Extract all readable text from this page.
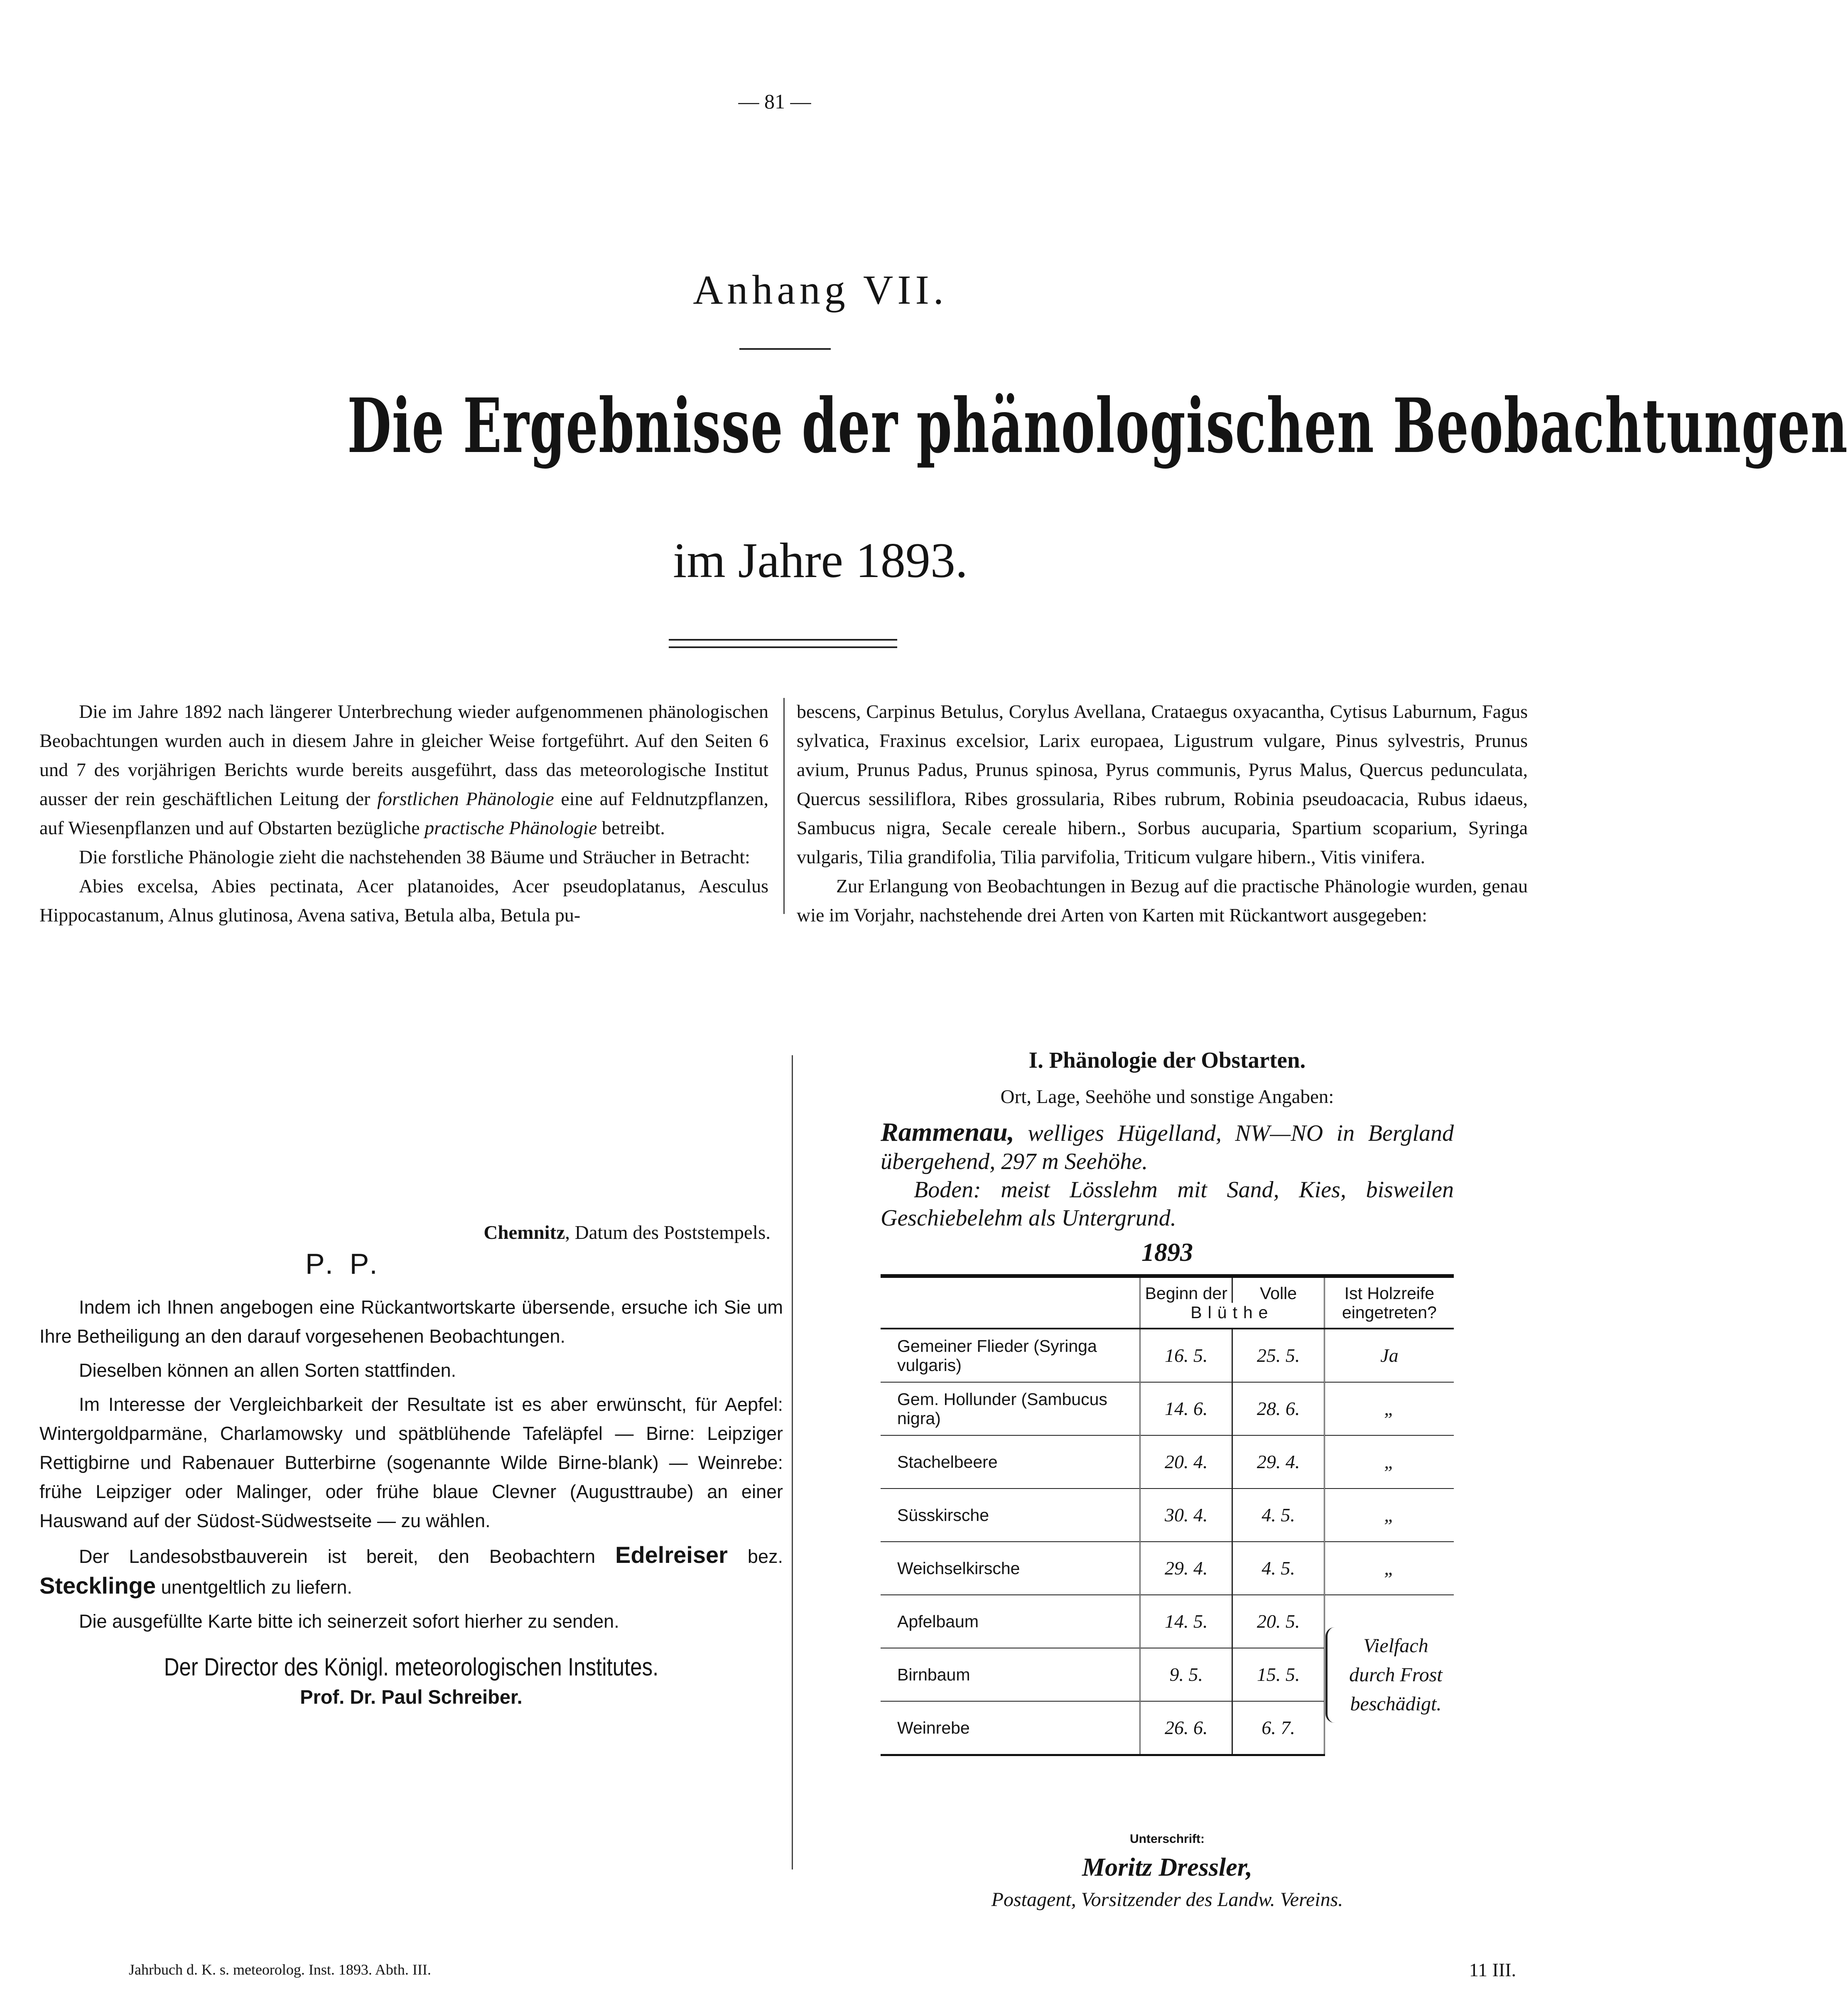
— 81 —
Anhang VII.
Die Ergebnisse der phänologischen Beobachtungen
im Jahre 1893.

Die im Jahre 1892 nach längerer Unterbrechung wieder aufgenommenen phänologischen Beobachtungen wurden auch in diesem Jahre in gleicher Weise fortgeführt. Auf den Seiten 6 und 7 des vorjährigen Berichts wurde bereits ausgeführt, dass das meteorologische Institut ausser der rein geschäftlichen Leitung der forstlichen Phänologie eine auf Feldnutzpflanzen, auf Wiesenpflanzen und auf Obstarten bezügliche practische Phänologie betreibt.

Die forstliche Phänologie zieht die nachstehenden 38 Bäume und Sträucher in Betracht:

Abies excelsa, Abies pectinata, Acer platanoides, Acer pseudoplatanus, Aesculus Hippocastanum, Alnus glutinosa, Avena sativa, Betula alba, Betula pu-

bescens, Carpinus Betulus, Corylus Avellana, Crataegus oxyacantha, Cytisus Laburnum, Fagus sylvatica, Fraxinus excelsior, Larix europaea, Ligustrum vulgare, Pinus sylvestris, Prunus avium, Prunus Padus, Prunus spinosa, Pyrus communis, Pyrus Malus, Quercus pedunculata, Quercus sessiliflora, Ribes grossularia, Ribes rubrum, Robinia pseudoacacia, Rubus idaeus, Sambucus nigra, Secale cereale hibern., Sorbus aucuparia, Spartium scoparium, Syringa vulgaris, Tilia grandifolia, Tilia parvifolia, Triticum vulgare hibern., Vitis vinifera.

Zur Erlangung von Beobachtungen in Bezug auf die practische Phänologie wurden, genau wie im Vorjahr, nachstehende drei Arten von Karten mit Rückantwort ausgegeben:

Chemnitz, Datum des Poststempels.
P. P.

Indem ich Ihnen angebogen eine Rückantwortskarte übersende, ersuche ich Sie um Ihre Betheiligung an den darauf vorgesehenen Beobachtungen.

Dieselben können an allen Sorten stattfinden.

Im Interesse der Vergleichbarkeit der Resultate ist es aber erwünscht, für Aepfel: Wintergoldparmäne, Charlamowsky und spätblühende Tafeläpfel — Birne: Leipziger Rettigbirne und Rabenauer Butterbirne (sogenannte Wilde Birne-blank) — Weinrebe: frühe Leipziger oder Malinger, oder frühe blaue Clevner (Augusttraube) an einer Hauswand auf der Südost-Südwestseite — zu wählen.

Der Landesobstbauverein ist bereit, den Beobachtern Edelreiser bez. Stecklinge unentgeltlich zu liefern.

Die ausgefüllte Karte bitte ich seinerzeit sofort hierher zu senden.

Der Director des Königl. meteorologischen Institutes.
Prof. Dr. Paul Schreiber.
I. Phänologie der Obstarten.
Ort, Lage, Seehöhe und sonstige Angaben:

Rammenau, welliges Hügelland, NW—NO in Bergland übergehend, 297 m Seehöhe.

Boden: meist Lösslehm mit Sand, Kies, bisweilen Geschiebelehm als Untergrund.

1893
	Beginn der	Volle	Ist Holzreife eingetreten?
	Blüthe		
Gemeiner Flieder (Syringa vulgaris)	16. 5.	25. 5.	Ja
Gem. Hollunder (Sambucus nigra)	14. 6.	28. 6.	„
Stachelbeere	20. 4.	29. 4.	„
Süsskirsche	30. 4.	4. 5.	„
Weichselkirsche	29. 4.	4. 5.	„
Apfelbaum	14. 5.	20. 5.	Vielfach durch Frost beschädigt.
Birnbaum	9. 5.	15. 5.	
Weinrebe	26. 6.	6. 7.	
Unterschrift:
Moritz Dressler,
Postagent, Vorsitzender des Landw. Vereins.
Jahrbuch d. K. s. meteorolog. Inst. 1893. Abth. III.	11 III.
